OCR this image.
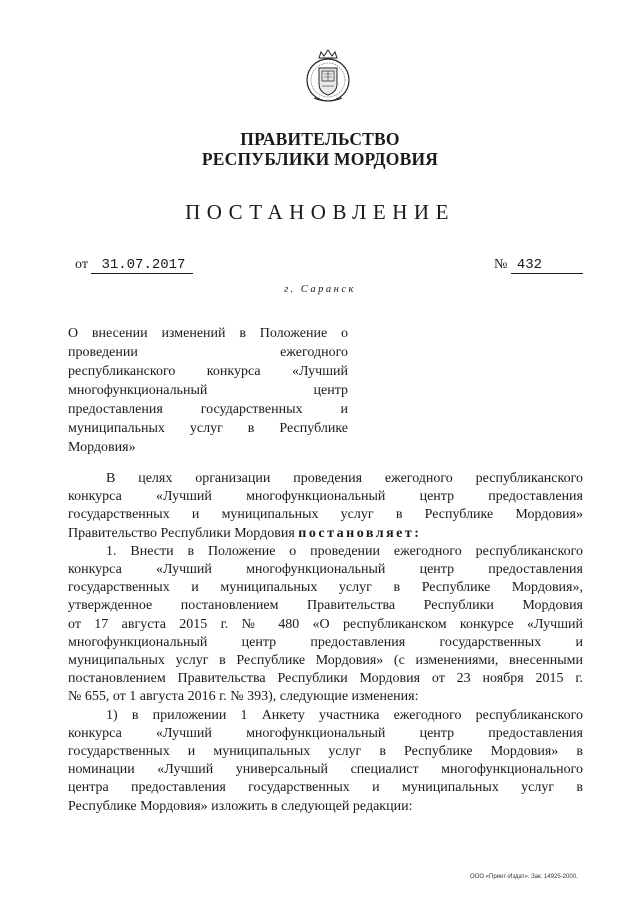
ПРАВИТЕЛЬСТВО
РЕСПУБЛИКИ МОРДОВИЯ
ПОСТАНОВЛЕНИЕ
от 31.07.2017	№ 432
г. Саранск
О внесении изменений в Положение о
проведении ежегодного
республиканского конкурса «Лучший
многофункциональный центр
предоставления государственных и
муниципальных услуг в Республике
Мордовия»
В целях организации проведения ежегодного республиканского
конкурса «Лучший многофункциональный центр предоставления
государственных и муниципальных услуг в Республике Мордовия»
Правительство Республики Мордовия постановляет:
1. Внести в Положение о проведении ежегодного республиканского
конкурса «Лучший многофункциональный центр предоставления
государственных и муниципальных услуг в Республике Мордовия»,
утвержденное постановлением Правительства Республики Мордовия
от 17 августа 2015 г. № 480 «О республиканском конкурсе «Лучший
многофункциональный центр предоставления государственных и
муниципальных услуг в Республике Мордовия» (с изменениями, внесенными
постановлением Правительства Республики Мордовия от 23 ноября 2015 г.
№ 655, от 1 августа 2016 г. № 393), следующие изменения:
1) в приложении 1 Анкету участника ежегодного республиканского
конкурса «Лучший многофункциональный центр предоставления
государственных и муниципальных услуг в Республике Мордовия» в
номинации «Лучший универсальный специалист многофункционального
центра предоставления государственных и муниципальных услуг в
Республике Мордовия» изложить в следующей редакции:
ООО «Принт-Издат». Зак. 14925-2000.
